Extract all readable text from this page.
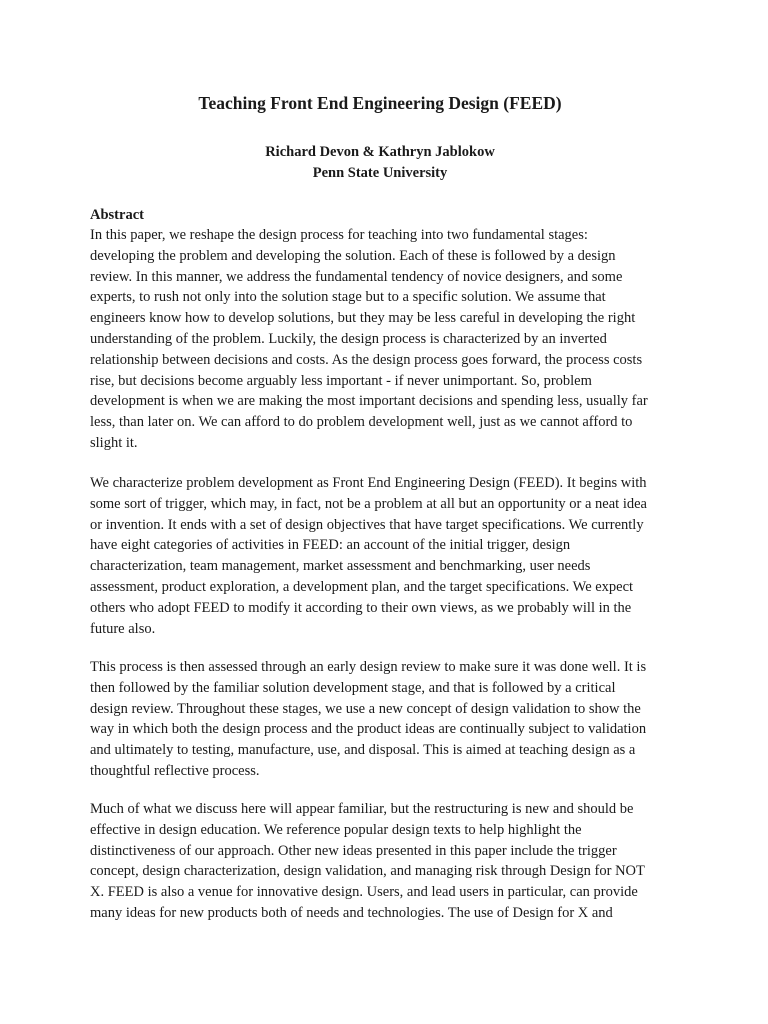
Teaching Front End Engineering Design (FEED)
Richard Devon & Kathryn Jablokow
Penn State University
Abstract
In this paper, we reshape the design process for teaching into two fundamental stages:
developing the problem and developing the solution. Each of these is followed by a design
review. In this manner, we address the fundamental tendency of novice designers, and some
experts, to rush not only into the solution stage but to a specific solution. We assume that
engineers know how to develop solutions, but they may be less careful in developing the right
understanding of the problem. Luckily, the design process is characterized by an inverted
relationship between decisions and costs. As the design process goes forward, the process costs
rise, but decisions become arguably less important - if never unimportant. So, problem
development is when we are making the most important decisions and spending less, usually far
less, than later on. We can afford to do problem development well, just as we cannot afford to
slight it.
We characterize problem development as Front End Engineering Design (FEED). It begins with
some sort of trigger, which may, in fact, not be a problem at all but an opportunity or a neat idea
or invention. It ends with a set of design objectives that have target specifications. We currently
have eight categories of activities in FEED: an account of the initial trigger, design
characterization, team management, market assessment and benchmarking, user needs
assessment, product exploration, a development plan, and the target specifications. We expect
others who adopt FEED to modify it according to their own views, as we probably will in the
future also.
This process is then assessed through an early design review to make sure it was done well. It is
then followed by the familiar solution development stage, and that is followed by a critical
design review. Throughout these stages, we use a new concept of design validation to show the
way in which both the design process and the product ideas are continually subject to validation
and ultimately to testing, manufacture, use, and disposal. This is aimed at teaching design as a
thoughtful reflective process.
Much of what we discuss here will appear familiar, but the restructuring is new and should be
effective in design education. We reference popular design texts to help highlight the
distinctiveness of our approach. Other new ideas presented in this paper include the trigger
concept, design characterization, design validation, and managing risk through Design for NOT
X. FEED is also a venue for innovative design. Users, and lead users in particular, can provide
many ideas for new products both of needs and technologies. The use of Design for X and
